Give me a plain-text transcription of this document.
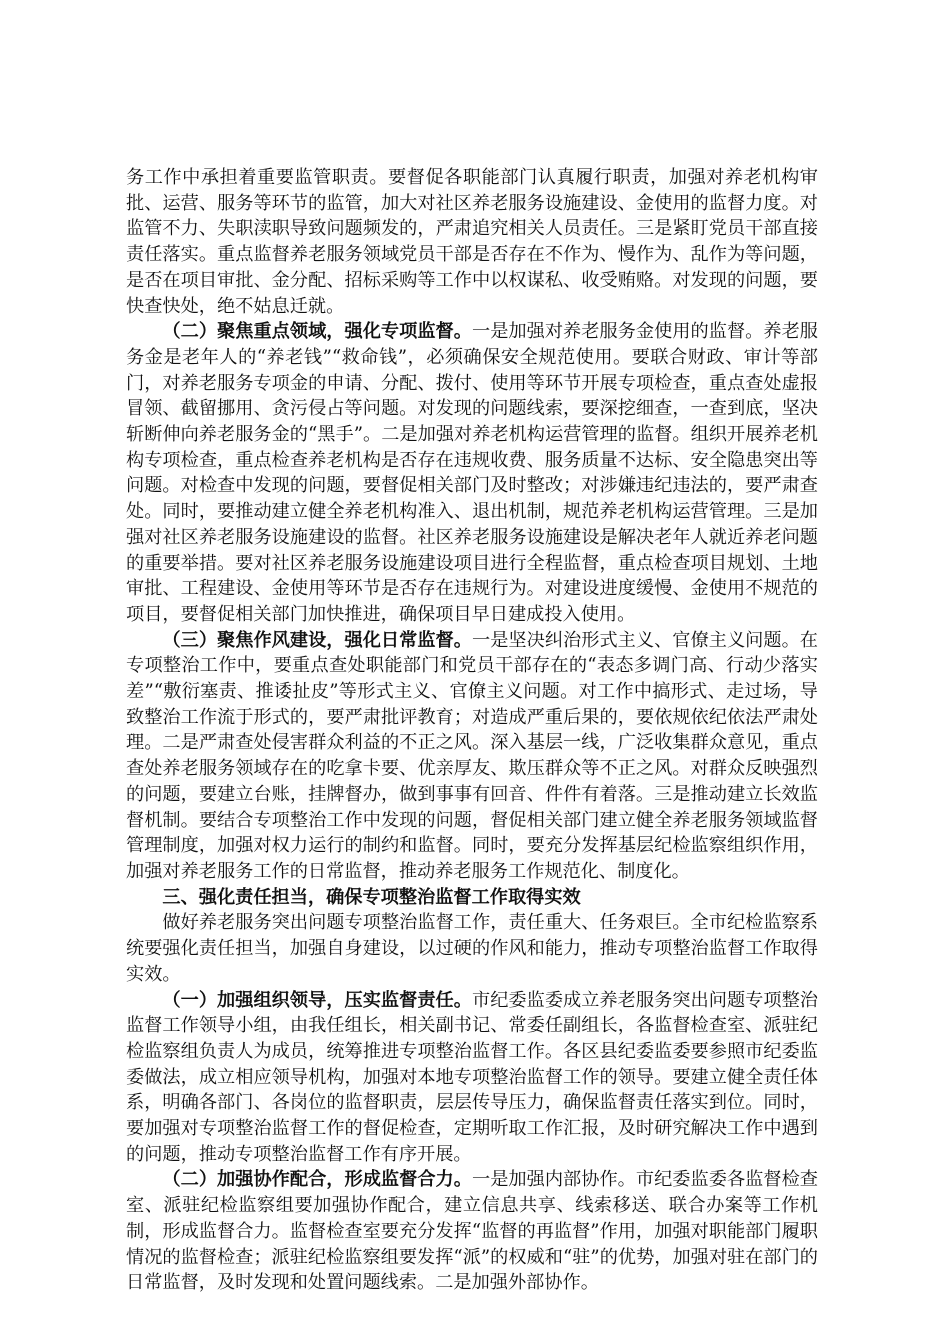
务工作中承担着重要监管职责。要督促各职能部门认真履行职责，加强对养老机构审批、运营、服务等环节的监管，加大对社区养老服务设施建设、金使用的监督力度。对监管不力、失职渎职导致问题频发的，严肃追究相关人员责任。三是紧盯党员干部直接责任落实。重点监督养老服务领域党员干部是否存在不作为、慢作为、乱作为等问题，是否在项目审批、金分配、招标采购等工作中以权谋私、收受贿赂。对发现的问题，要快查快处，绝不姑息迁就。

（二）聚焦重点领域，强化专项监督。一是加强对养老服务金使用的监督。养老服务金是老年人的“养老钱”“救命钱”，必须确保安全规范使用。要联合财政、审计等部门，对养老服务专项金的申请、分配、拨付、使用等环节开展专项检查，重点查处虚报冒领、截留挪用、贪污侵占等问题。对发现的问题线索，要深挖细查，一查到底，坚决斩断伸向养老服务金的“黑手”。二是加强对养老机构运营管理的监督。组织开展养老机构专项检查，重点检查养老机构是否存在违规收费、服务质量不达标、安全隐患突出等问题。对检查中发现的问题，要督促相关部门及时整改；对涉嫌违纪违法的，要严肃查处。同时，要推动建立健全养老机构准入、退出机制，规范养老机构运营管理。三是加强对社区养老服务设施建设的监督。社区养老服务设施建设是解决老年人就近养老问题的重要举措。要对社区养老服务设施建设项目进行全程监督，重点检查项目规划、土地审批、工程建设、金使用等环节是否存在违规行为。对建设进度缓慢、金使用不规范的项目，要督促相关部门加快推进，确保项目早日建成投入使用。

（三）聚焦作风建设，强化日常监督。一是坚决纠治形式主义、官僚主义问题。在专项整治工作中，要重点查处职能部门和党员干部存在的“表态多调门高、行动少落实差”“敷衍塞责、推诿扯皮”等形式主义、官僚主义问题。对工作中搞形式、走过场，导致整治工作流于形式的，要严肃批评教育；对造成严重后果的，要依规依纪依法严肃处理。二是严肃查处侵害群众利益的不正之风。深入基层一线，广泛收集群众意见，重点查处养老服务领域存在的吃拿卡要、优亲厚友、欺压群众等不正之风。对群众反映强烈的问题，要建立台账，挂牌督办，做到事事有回音、件件有着落。三是推动建立长效监督机制。要结合专项整治工作中发现的问题，督促相关部门建立健全养老服务领域监督管理制度，加强对权力运行的制约和监督。同时，要充分发挥基层纪检监察组织作用，加强对养老服务工作的日常监督，推动养老服务工作规范化、制度化。

三、强化责任担当，确保专项整治监督工作取得实效

做好养老服务突出问题专项整治监督工作，责任重大、任务艰巨。全市纪检监察系统要强化责任担当，加强自身建设，以过硬的作风和能力，推动专项整治监督工作取得实效。

（一）加强组织领导，压实监督责任。市纪委监委成立养老服务突出问题专项整治监督工作领导小组，由我任组长，相关副书记、常委任副组长，各监督检查室、派驻纪检监察组负责人为成员，统筹推进专项整治监督工作。各区县纪委监委要参照市纪委监委做法，成立相应领导机构，加强对本地专项整治监督工作的领导。要建立健全责任体系，明确各部门、各岗位的监督职责，层层传导压力，确保监督责任落实到位。同时，要加强对专项整治监督工作的督促检查，定期听取工作汇报，及时研究解决工作中遇到的问题，推动专项整治监督工作有序开展。

（二）加强协作配合，形成监督合力。一是加强内部协作。市纪委监委各监督检查室、派驻纪检监察组要加强协作配合，建立信息共享、线索移送、联合办案等工作机制，形成监督合力。监督检查室要充分发挥“监督的再监督”作用，加强对职能部门履职情况的监督检查；派驻纪检监察组要发挥“派”的权威和“驻”的优势，加强对驻在部门的日常监督，及时发现和处置问题线索。二是加强外部协作。
